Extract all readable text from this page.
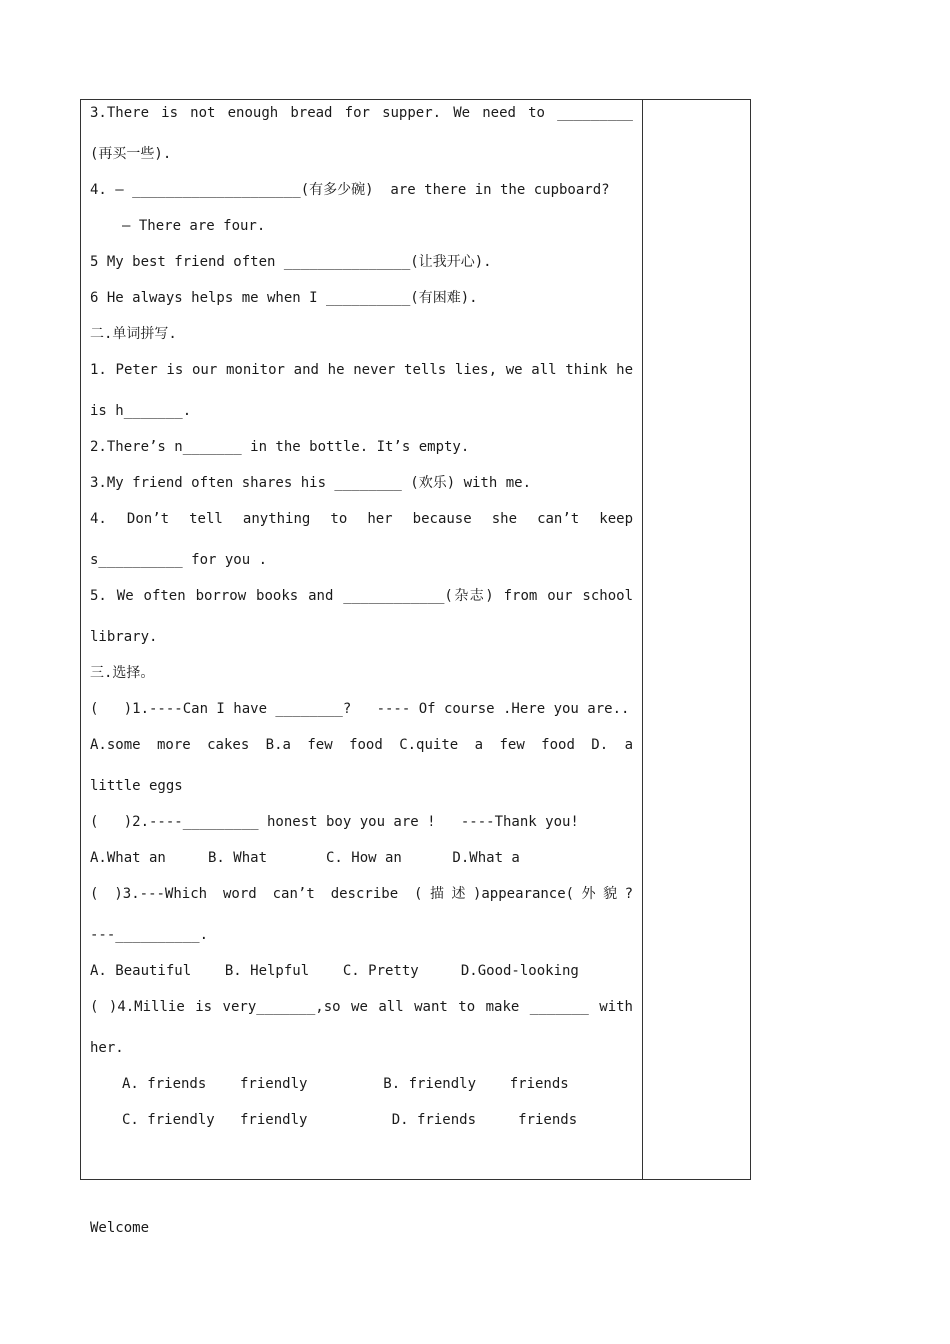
3.There is not enough bread for supper. We need to _________
(再买一些).
4. — ____________________(有多少碗)  are there in the cupboard?
— There are four.
5 My best friend often _______________(让我开心).
6 He always helps me when I __________(有困难).
二.单词拼写.
1. Peter is our monitor and he never tells lies, we all think he
is h_______.
2.There’s n_______ in the bottle. It’s empty.
3.My friend often shares his ________ (欢乐) with me.
4. Don’t tell anything to her because she can’t keep
s__________ for you .
5. We often borrow books and ____________(杂志) from our school
library.
三.选择。
(   )1.----Can I have ________?   ---- Of course .Here you are..
A.some more cakes B.a few food C.quite a few food D. a
little eggs
(   )2.----_________ honest boy you are !   ----Thank you!
A.What an     B. What       C. How an      D.What a
( )3.---Which word can’t describe (描述)appearance(外貌?
---__________.
A. Beautiful    B. Helpful    C. Pretty     D.Good-looking
( )4.Millie is very_______,so we all want to make _______ with
her.
A. friends    friendly         B. friendly    friends
C. friendly   friendly          D. friends     friends
Welcome
